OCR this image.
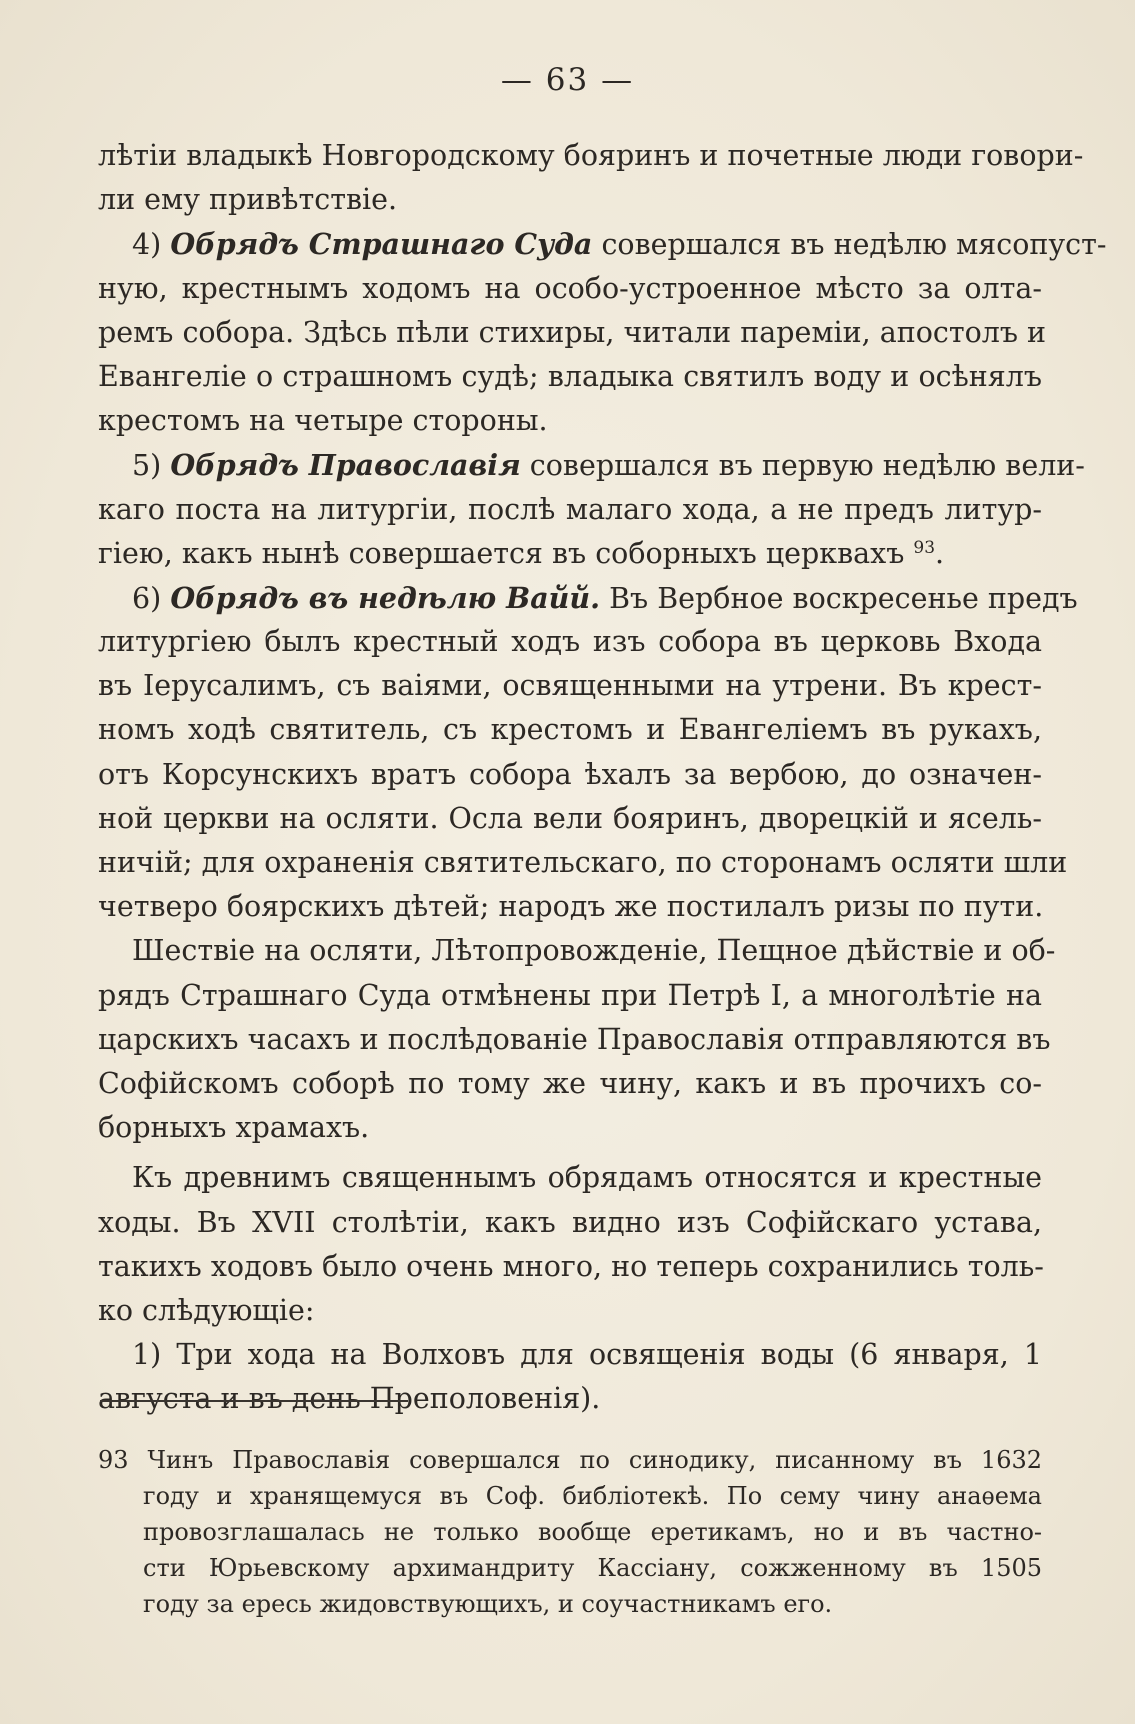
— 63 —
лѣтіи владыкѣ Новгородскому бояринъ и почетные люди говори-
ли ему привѣтствіе.
4) Обрядъ Страшнаго Суда совершался въ недѣлю мясопуст-
ную, крестнымъ ходомъ на особо-устроенное мѣсто за олта-
ремъ собора. Здѣсь пѣли стихиры, читали пареміи, апостолъ и
Евангеліе о страшномъ судѣ; владыка святилъ воду и осѣнялъ
крестомъ на четыре стороны.
5) Обрядъ Православія совершался въ первую недѣлю вели-
каго поста на литургіи, послѣ малаго хода, а не предъ литур-
гіею, какъ нынѣ совершается въ соборныхъ церквахъ $^{93}$.
6) Обрядъ въ недѣлю Вайй. Въ Вербное воскресенье предъ
литургіею былъ крестный ходъ изъ собора въ церковь Входа
въ Іерусалимъ, съ ваіями, освященными на утрени. Въ крест-
номъ ходѣ святитель, съ крестомъ и Евангеліемъ въ рукахъ,
отъ Корсунскихъ вратъ собора ѣхалъ за вербою, до означен-
ной церкви на осляти. Осла вели бояринъ, дворецкій и ясель-
ничій; для охраненія святительскаго, по сторонамъ осляти шли
четверо боярскихъ дѣтей; народъ же постилалъ ризы по пути.
Шествіе на осляти, Лѣтопровожденіе, Пещное дѣйствіе и об-
рядъ Страшнаго Суда отмѣнены при Петрѣ I, а многолѣтіе на
царскихъ часахъ и послѣдованіе Православія отправляются въ
Софійскомъ соборѣ по тому же чину, какъ и въ прочихъ со-
борныхъ храмахъ.
Къ древнимъ священнымъ обрядамъ относятся и крестные
ходы. Въ XVII столѣтіи, какъ видно изъ Софійскаго устава,
такихъ ходовъ было очень много, но теперь сохранились толь-
ко слѣдующіе:
1) Три хода на Волховъ для освященія воды (6 января, 1
августа и въ день Преполовенія).
93 Чинъ Православія совершался по синодику, писанному въ 1632
году и хранящемуся въ Соф. библіотекѣ. По сему чину анаѳема
провозглашалась не только вообще еретикамъ, но и въ частно-
сти Юрьевскому архимандриту Кассіану, сожженному въ 1505
году за ересь жидовствующихъ, и соучастникамъ его.
